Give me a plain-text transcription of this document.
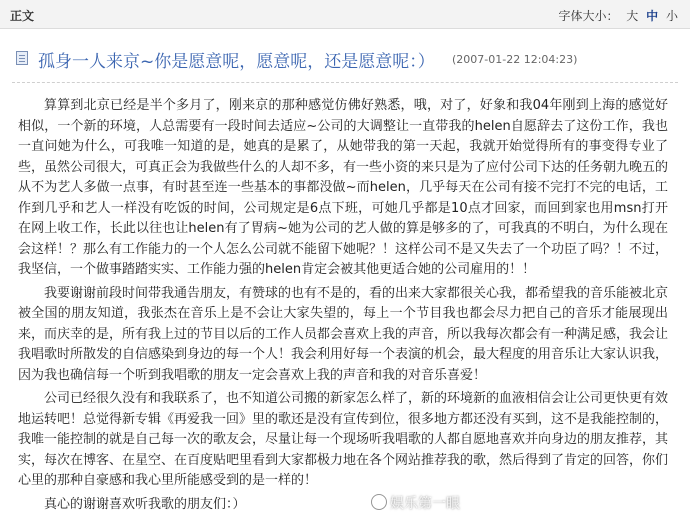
正文	字体大小： 大 中 小
孤身一人来京~你是愿意呢，愿意呢，还是愿意呢：） (2007-01-22 12:04:23)

算算到北京已经是半个多月了，刚来京的那种感觉仿佛好熟悉，哦，对了，好象和我04年刚到上海的感觉好相似，一个新的环境，人总需要有一段时间去适应~公司的大调整让一直带我的helen自愿辞去了这份工作，我也一直问她为什么，可我唯一知道的是，她真的是累了，从她带我的第一天起，我就开始觉得所有的事变得专业了些，虽然公司很大，可真正会为我做些什么的人却不多，有一些小资的来只是为了应付公司下达的任务朝九晚五的从不为艺人多做一点事，有时甚至连一些基本的事都没做~而helen，几乎每天在公司有接不完打不完的电话，工作到几乎和艺人一样没有吃饭的时间，公司规定是6点下班，可她几乎都是10点才回家，而回到家也用msn打开在网上收工作，长此以往也让helen有了胃病~她为公司的艺人做的算是够多的了，可我真的不明白，为什么现在会这样！？那么有工作能力的一个人怎么公司就不能留下她呢？！这样公司不是又失去了一个功臣了吗？！不过，我坚信，一个做事踏踏实实、工作能力强的helen肯定会被其他更适合她的公司雇用的！！

我要谢谢前段时间带我通告朋友，有赞球的也有不是的，看的出来大家都很关心我，都希望我的音乐能被北京被全国的朋友知道，我张杰在音乐上是不会让大家失望的，每上一个节目我也都会尽力把自己的音乐才能展现出来，而庆幸的是，所有我上过的节目以后的工作人员都会喜欢上我的声音，所以我每次都会有一种满足感，我会让我唱歌时所散发的自信感染到身边的每一个人！我会利用好每一个表演的机会，最大程度的用音乐让大家认识我，因为我也确信每一个听到我唱歌的朋友一定会喜欢上我的声音和我的对音乐喜爱！

公司已经很久没有和我联系了，也不知道公司搬的新家怎么样了，新的环境新的血液相信会让公司更快更有效地运转吧！总觉得新专辑《再爱我一回》里的歌还是没有宣传到位，很多地方都还没有买到，这不是我能控制的，我唯一能控制的就是自己每一次的歌友会，尽量让每一个现场听我唱歌的人都自愿地喜欢并向身边的朋友推荐，其实，每次在博客、在星空、在百度贴吧里看到大家都极力地在各个网站推荐我的歌，然后得到了肯定的回答，你们心里的那种自豪感和我心里所能感受到的是一样的！

真心的谢谢喜欢听我歌的朋友们：）	娱乐第一眼
